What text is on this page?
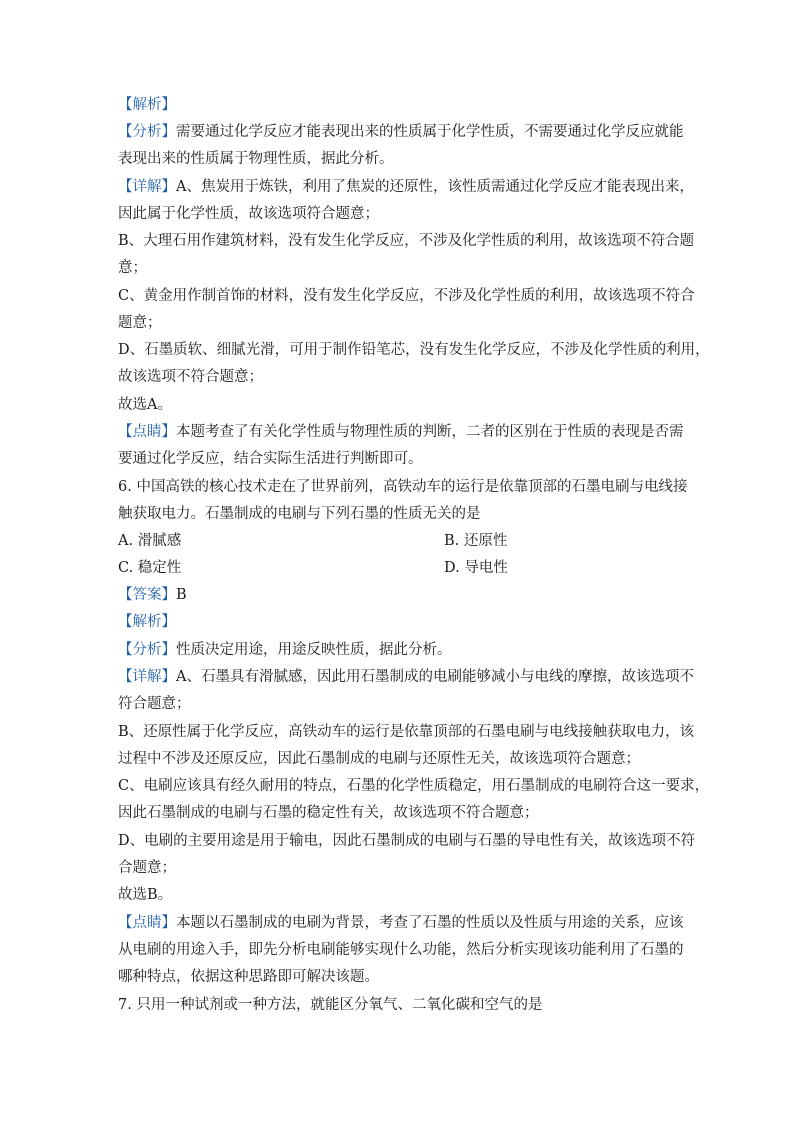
【解析】
【分析】需要通过化学反应才能表现出来的性质属于化学性质，不需要通过化学反应就能
表现出来的性质属于物理性质，据此分析。
【详解】A、焦炭用于炼铁，利用了焦炭的还原性，该性质需通过化学反应才能表现出来，
因此属于化学性质，故该选项符合题意；
B、大理石用作建筑材料，没有发生化学反应，不涉及化学性质的利用，故该选项不符合题
意；
C、黄金用作制首饰的材料，没有发生化学反应，不涉及化学性质的利用，故该选项不符合
题意；
D、石墨质软、细腻光滑，可用于制作铅笔芯，没有发生化学反应，不涉及化学性质的利用，
故该选项不符合题意；
故选A。
【点睛】本题考查了有关化学性质与物理性质的判断，二者的区别在于性质的表现是否需
要通过化学反应，结合实际生活进行判断即可。
6. 中国高铁的核心技术走在了世界前列，高铁动车的运行是依靠顶部的石墨电刷与电线接
触获取电力。石墨制成的电刷与下列石墨的性质无关的是
A. 滑腻感	B. 还原性
C. 稳定性	D. 导电性
【答案】B
【解析】
【分析】性质决定用途，用途反映性质，据此分析。
【详解】A、石墨具有滑腻感，因此用石墨制成的电刷能够减小与电线的摩擦，故该选项不
符合题意；
B、还原性属于化学反应，高铁动车的运行是依靠顶部的石墨电刷与电线接触获取电力，该
过程中不涉及还原反应，因此石墨制成的电刷与还原性无关，故该选项符合题意；
C、电刷应该具有经久耐用的特点，石墨的化学性质稳定，用石墨制成的电刷符合这一要求，
因此石墨制成的电刷与石墨的稳定性有关，故该选项不符合题意；
D、电刷的主要用途是用于输电，因此石墨制成的电刷与石墨的导电性有关，故该选项不符
合题意；
故选B。
【点睛】本题以石墨制成的电刷为背景，考查了石墨的性质以及性质与用途的关系，应该
从电刷的用途入手，即先分析电刷能够实现什么功能，然后分析实现该功能利用了石墨的
哪种特点，依据这种思路即可解决该题。
7. 只用一种试剂或一种方法，就能区分氧气、二氧化碳和空气的是
